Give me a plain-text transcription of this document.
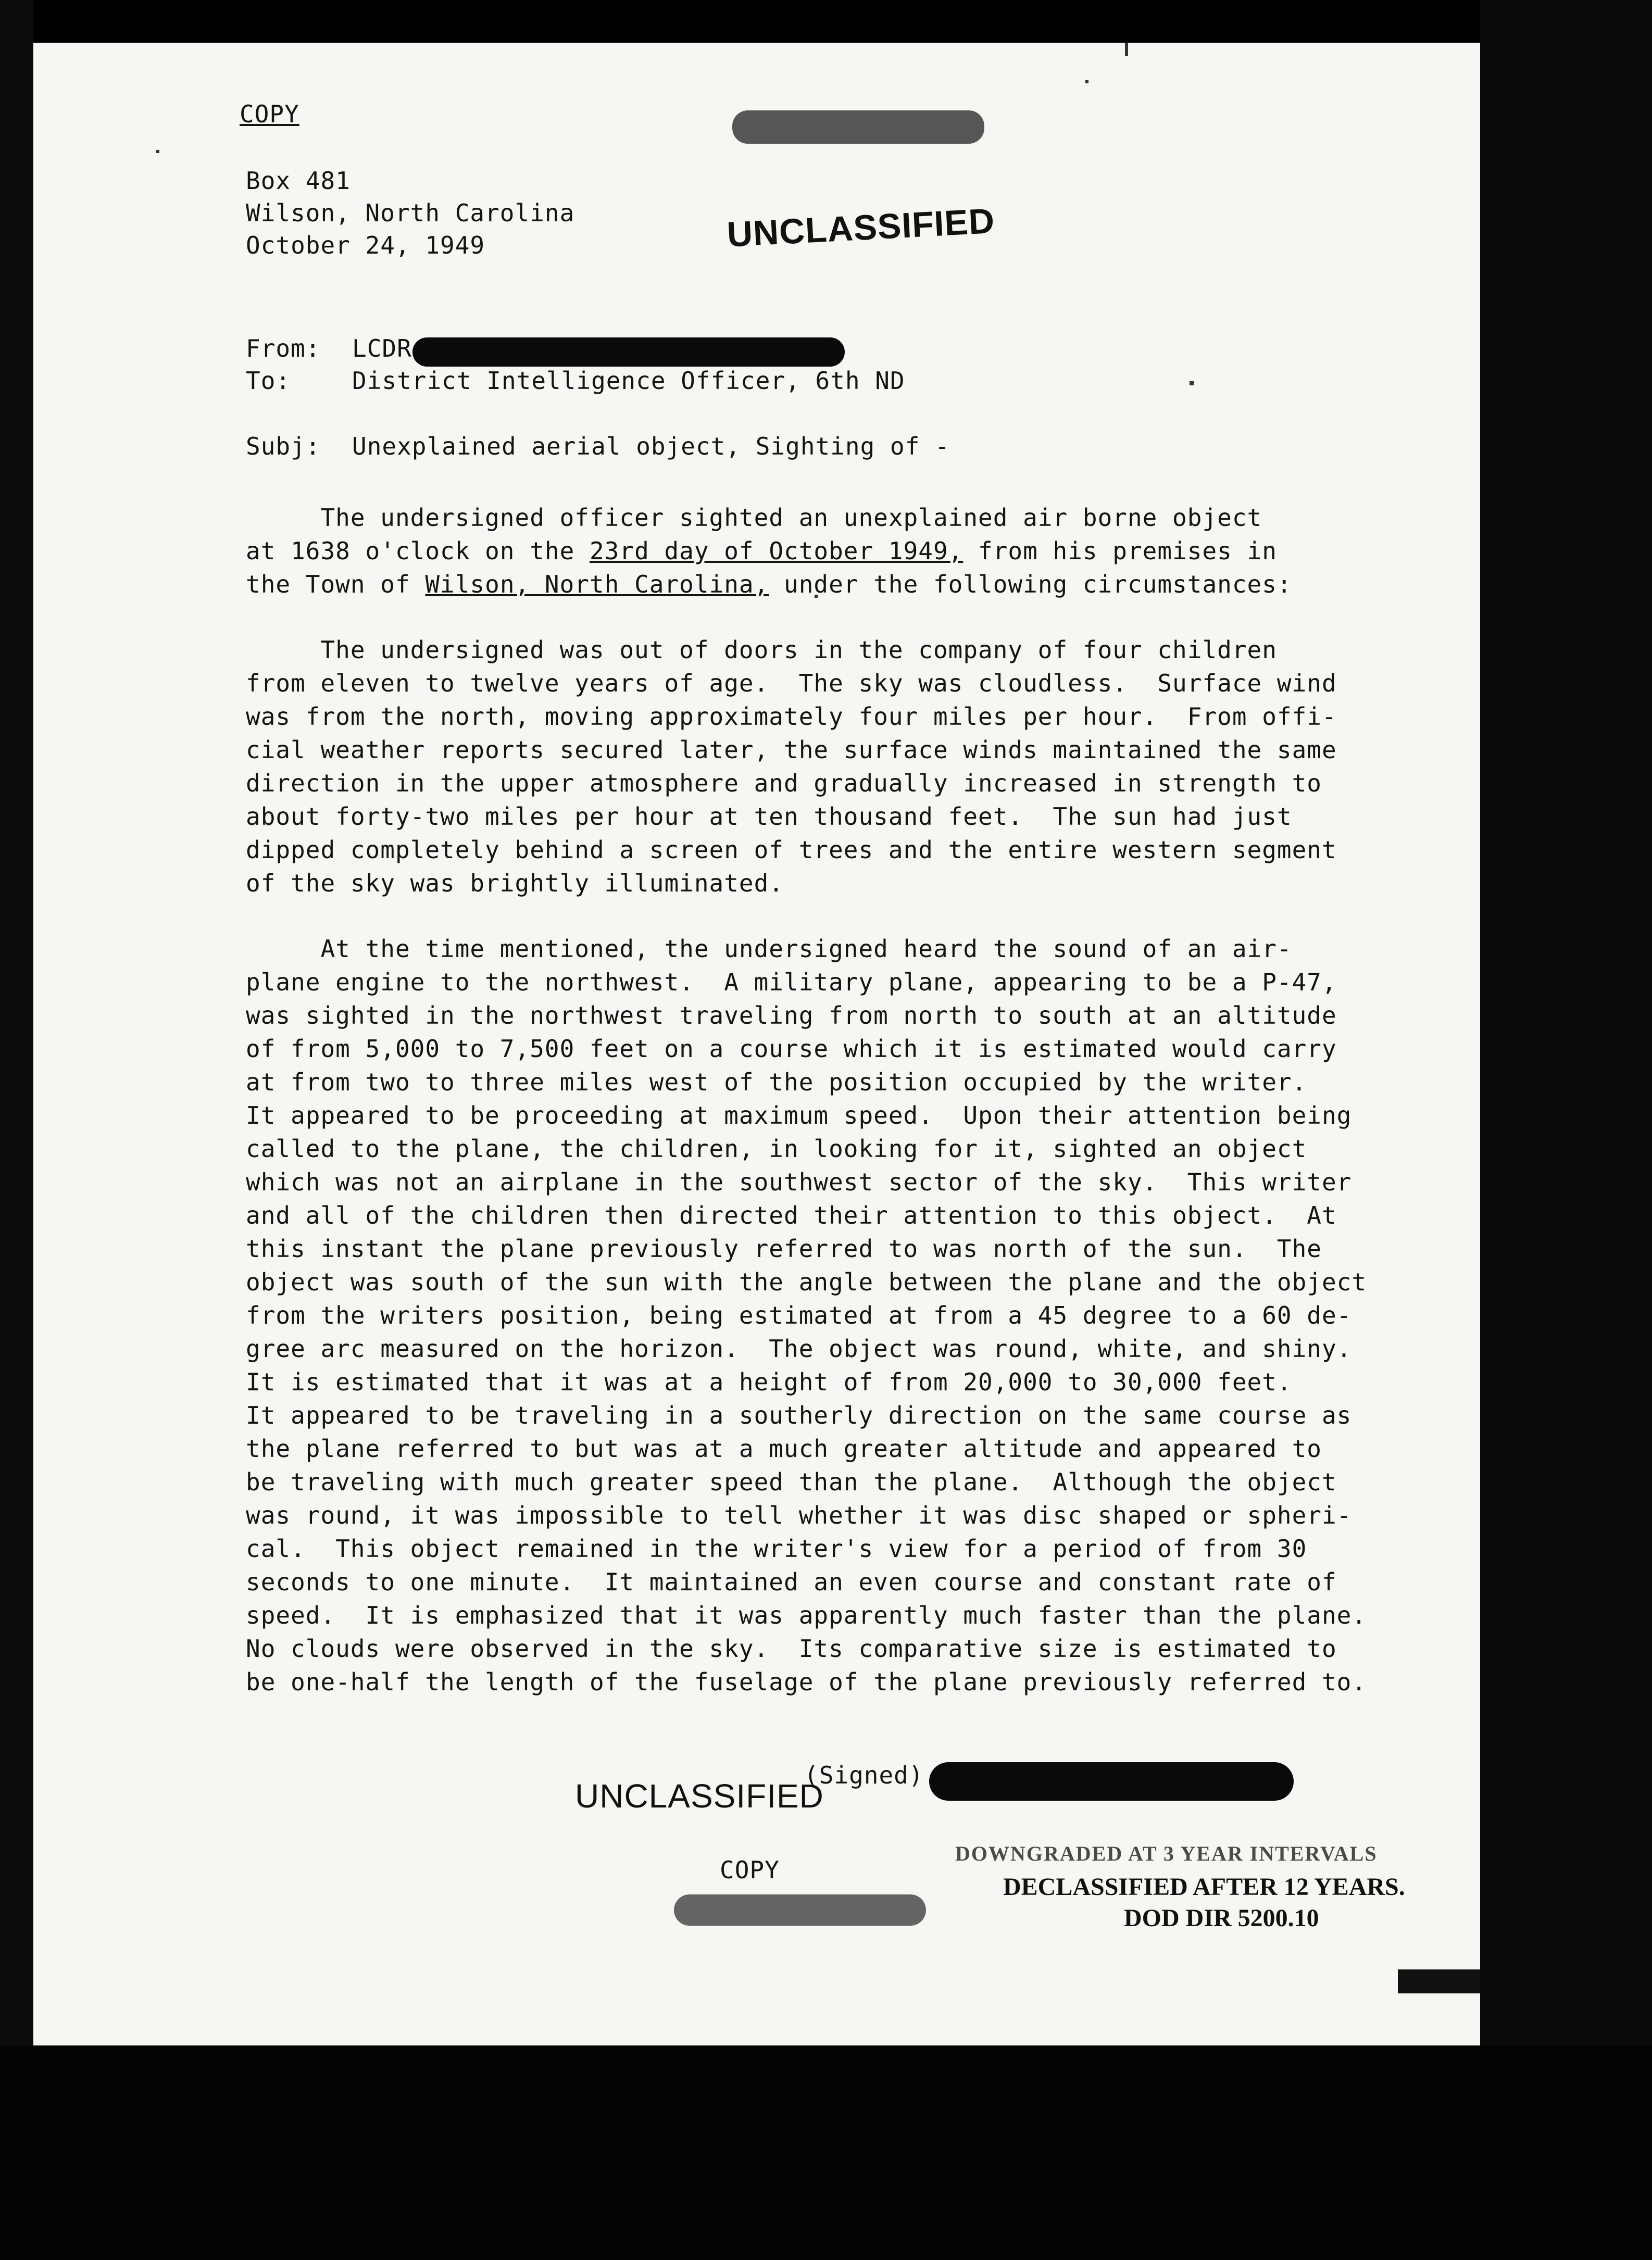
COPY
Box 481
Wilson, North Carolina
October 24, 1949	UNCLASSIFIED
From: LCDR
To:	District Intelligence Officer, 6th ND
Subj: Unexplained aerial object, Sighting of -
The undersigned officer sighted an unexplained air borne object
at 1638 o'clock on the 23rd day of October 1949, from his premises in
the Town of Wilson, North Carolina, under the following circumstances:
The undersigned was out of doors in the company of four children
from eleven to twelve years of age.  The sky was cloudless.  Surface wind
was from the north, moving approximately four miles per hour.  From offi-
cial weather reports secured later, the surface winds maintained the same
direction in the upper atmosphere and gradually increased in strength to
about forty-two miles per hour at ten thousand feet.  The sun had just
dipped completely behind a screen of trees and the entire western segment
of the sky was brightly illuminated.
At the time mentioned, the undersigned heard the sound of an air-
plane engine to the northwest.  A military plane, appearing to be a P-47,
was sighted in the northwest traveling from north to south at an altitude
of from 5,000 to 7,500 feet on a course which it is estimated would carry
at from two to three miles west of the position occupied by the writer.
It appeared to be proceeding at maximum speed.  Upon their attention being
called to the plane, the children, in looking for it, sighted an object
which was not an airplane in the southwest sector of the sky.  This writer
and all of the children then directed their attention to this object.  At
this instant the plane previously referred to was north of the sun.  The
object was south of the sun with the angle between the plane and the object
from the writers position, being estimated at from a 45 degree to a 60 de-
gree arc measured on the horizon.  The object was round, white, and shiny.
It is estimated that it was at a height of from 20,000 to 30,000 feet.
It appeared to be traveling in a southerly direction on the same course as
the plane referred to but was at a much greater altitude and appeared to
be traveling with much greater speed than the plane.  Although the object
was round, it was impossible to tell whether it was disc shaped or spheri-
cal.  This object remained in the writer's view for a period of from 30
seconds to one minute.  It maintained an even course and constant rate of
speed.  It is emphasized that it was apparently much faster than the plane.
No clouds were observed in the sky.  Its comparative size is estimated to
be one-half the length of the fuselage of the plane previously referred to.
UNCLASSIFIED
(Signed)
COPY
DOWNGRADED AT 3 YEAR INTERVALS
DECLASSIFIED AFTER 12 YEARS.
DOD DIR 5200.10
